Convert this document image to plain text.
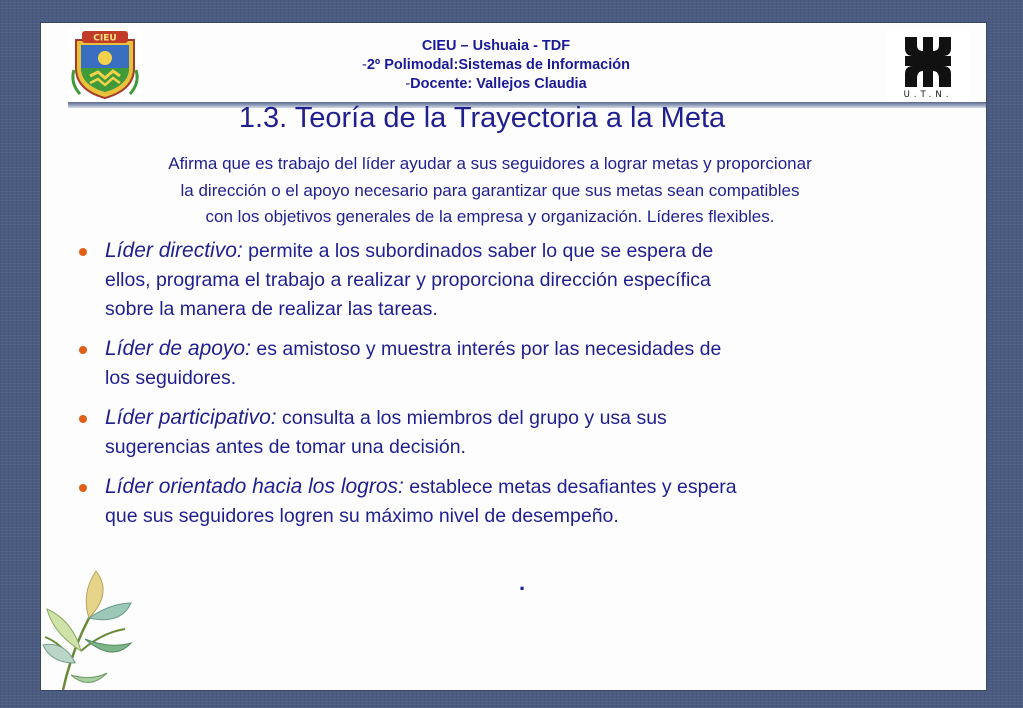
CIEU	CIEU – Ushuaia - TDF
-2º Polimodal:Sistemas de Información
-Docente: Vallejos Claudia
U.T.N.
.
1.3. Teoría de la Trayectoria a la Meta
Afirma que es trabajo del líder ayudar a sus seguidores a lograr metas y proporcionar
la dirección o el apoyo necesario para garantizar que sus metas sean compatibles
con los objetivos generales de la empresa y organización. Líderes flexibles.
Líder directivo: permite a los subordinados saber lo que se espera de
ellos, programa el trabajo a realizar y proporciona dirección específica
sobre la manera de realizar las tareas.
Líder de apoyo: es amistoso y muestra interés por las necesidades de
los seguidores.
Líder participativo: consulta a los miembros del grupo y usa sus
sugerencias antes de tomar una decisión.
Líder orientado hacia los logros: establece metas desafiantes y espera
que sus seguidores logren su máximo nivel de desempeño.
